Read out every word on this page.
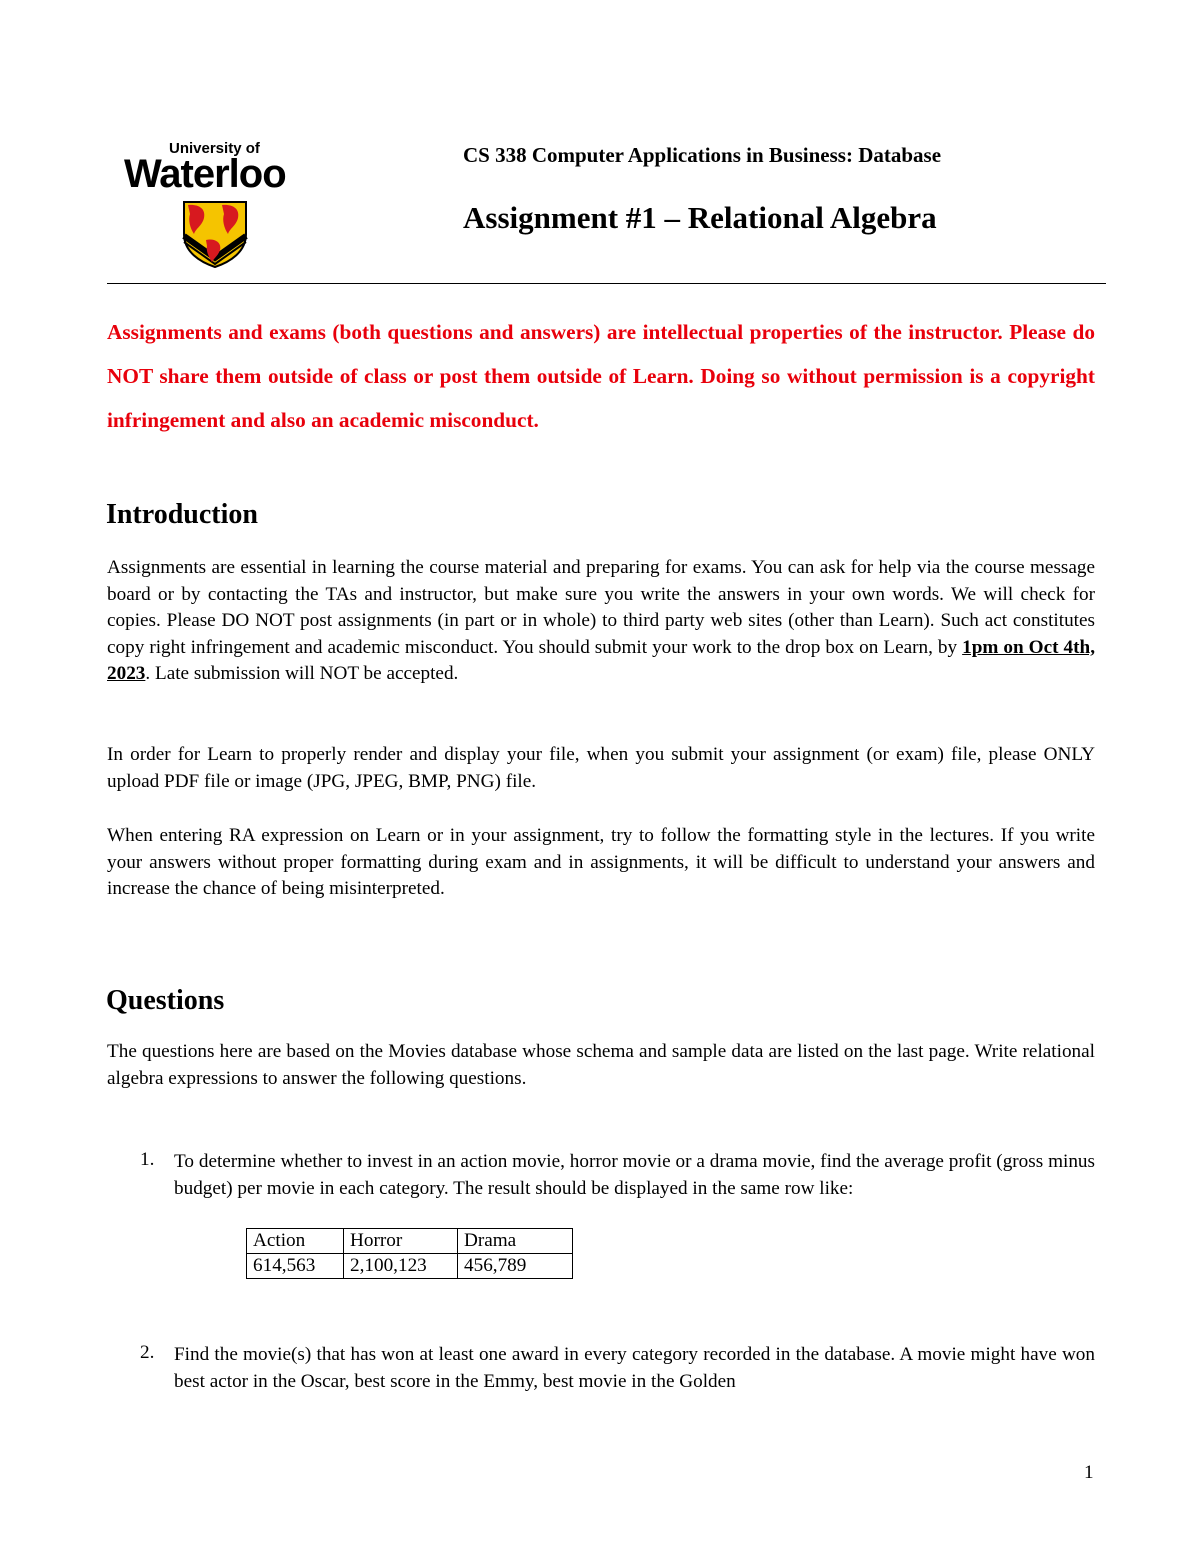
University of
Waterloo	CS 338 Computer Applications in Business: Database
Assignment #1 – Relational Algebra
Assignments and exams (both questions and answers) are intellectual properties of the instructor. Please do NOT share them outside of class or post them outside of Learn. Doing so without permission is a copyright infringement and also an academic misconduct.
Introduction

Assignments are essential in learning the course material and preparing for exams. You can ask for help via the course message board or by contacting the TAs and instructor, but make sure you write the answers in your own words. We will check for copies. Please DO NOT post assignments (in part or in whole) to third party web sites (other than Learn). Such act constitutes copy right infringement and academic misconduct. You should submit your work to the drop box on Learn, by 1pm on Oct 4th, 2023. Late submission will NOT be accepted.

In order for Learn to properly render and display your file, when you submit your assignment (or exam) file, please ONLY upload PDF file or image (JPG, JPEG, BMP, PNG) file.

When entering RA expression on Learn or in your assignment, try to follow the formatting style in the lectures. If you write your answers without proper formatting during exam and in assignments, it will be difficult to understand your answers and increase the chance of being misinterpreted.

Questions

The questions here are based on the Movies database whose schema and sample data are listed on the last page. Write relational algebra expressions to answer the following questions.

1. To determine whether to invest in an action movie, horror movie or a drama movie, find the average profit (gross minus budget) per movie in each category. The result should be displayed in the same row like:

Action	Horror	Drama
614,563	2,100,123	456,789
2. Find the movie(s) that has won at least one award in every category recorded in the database. A movie might have won best actor in the Oscar, best score in the Emmy, best movie in the Golden

1
